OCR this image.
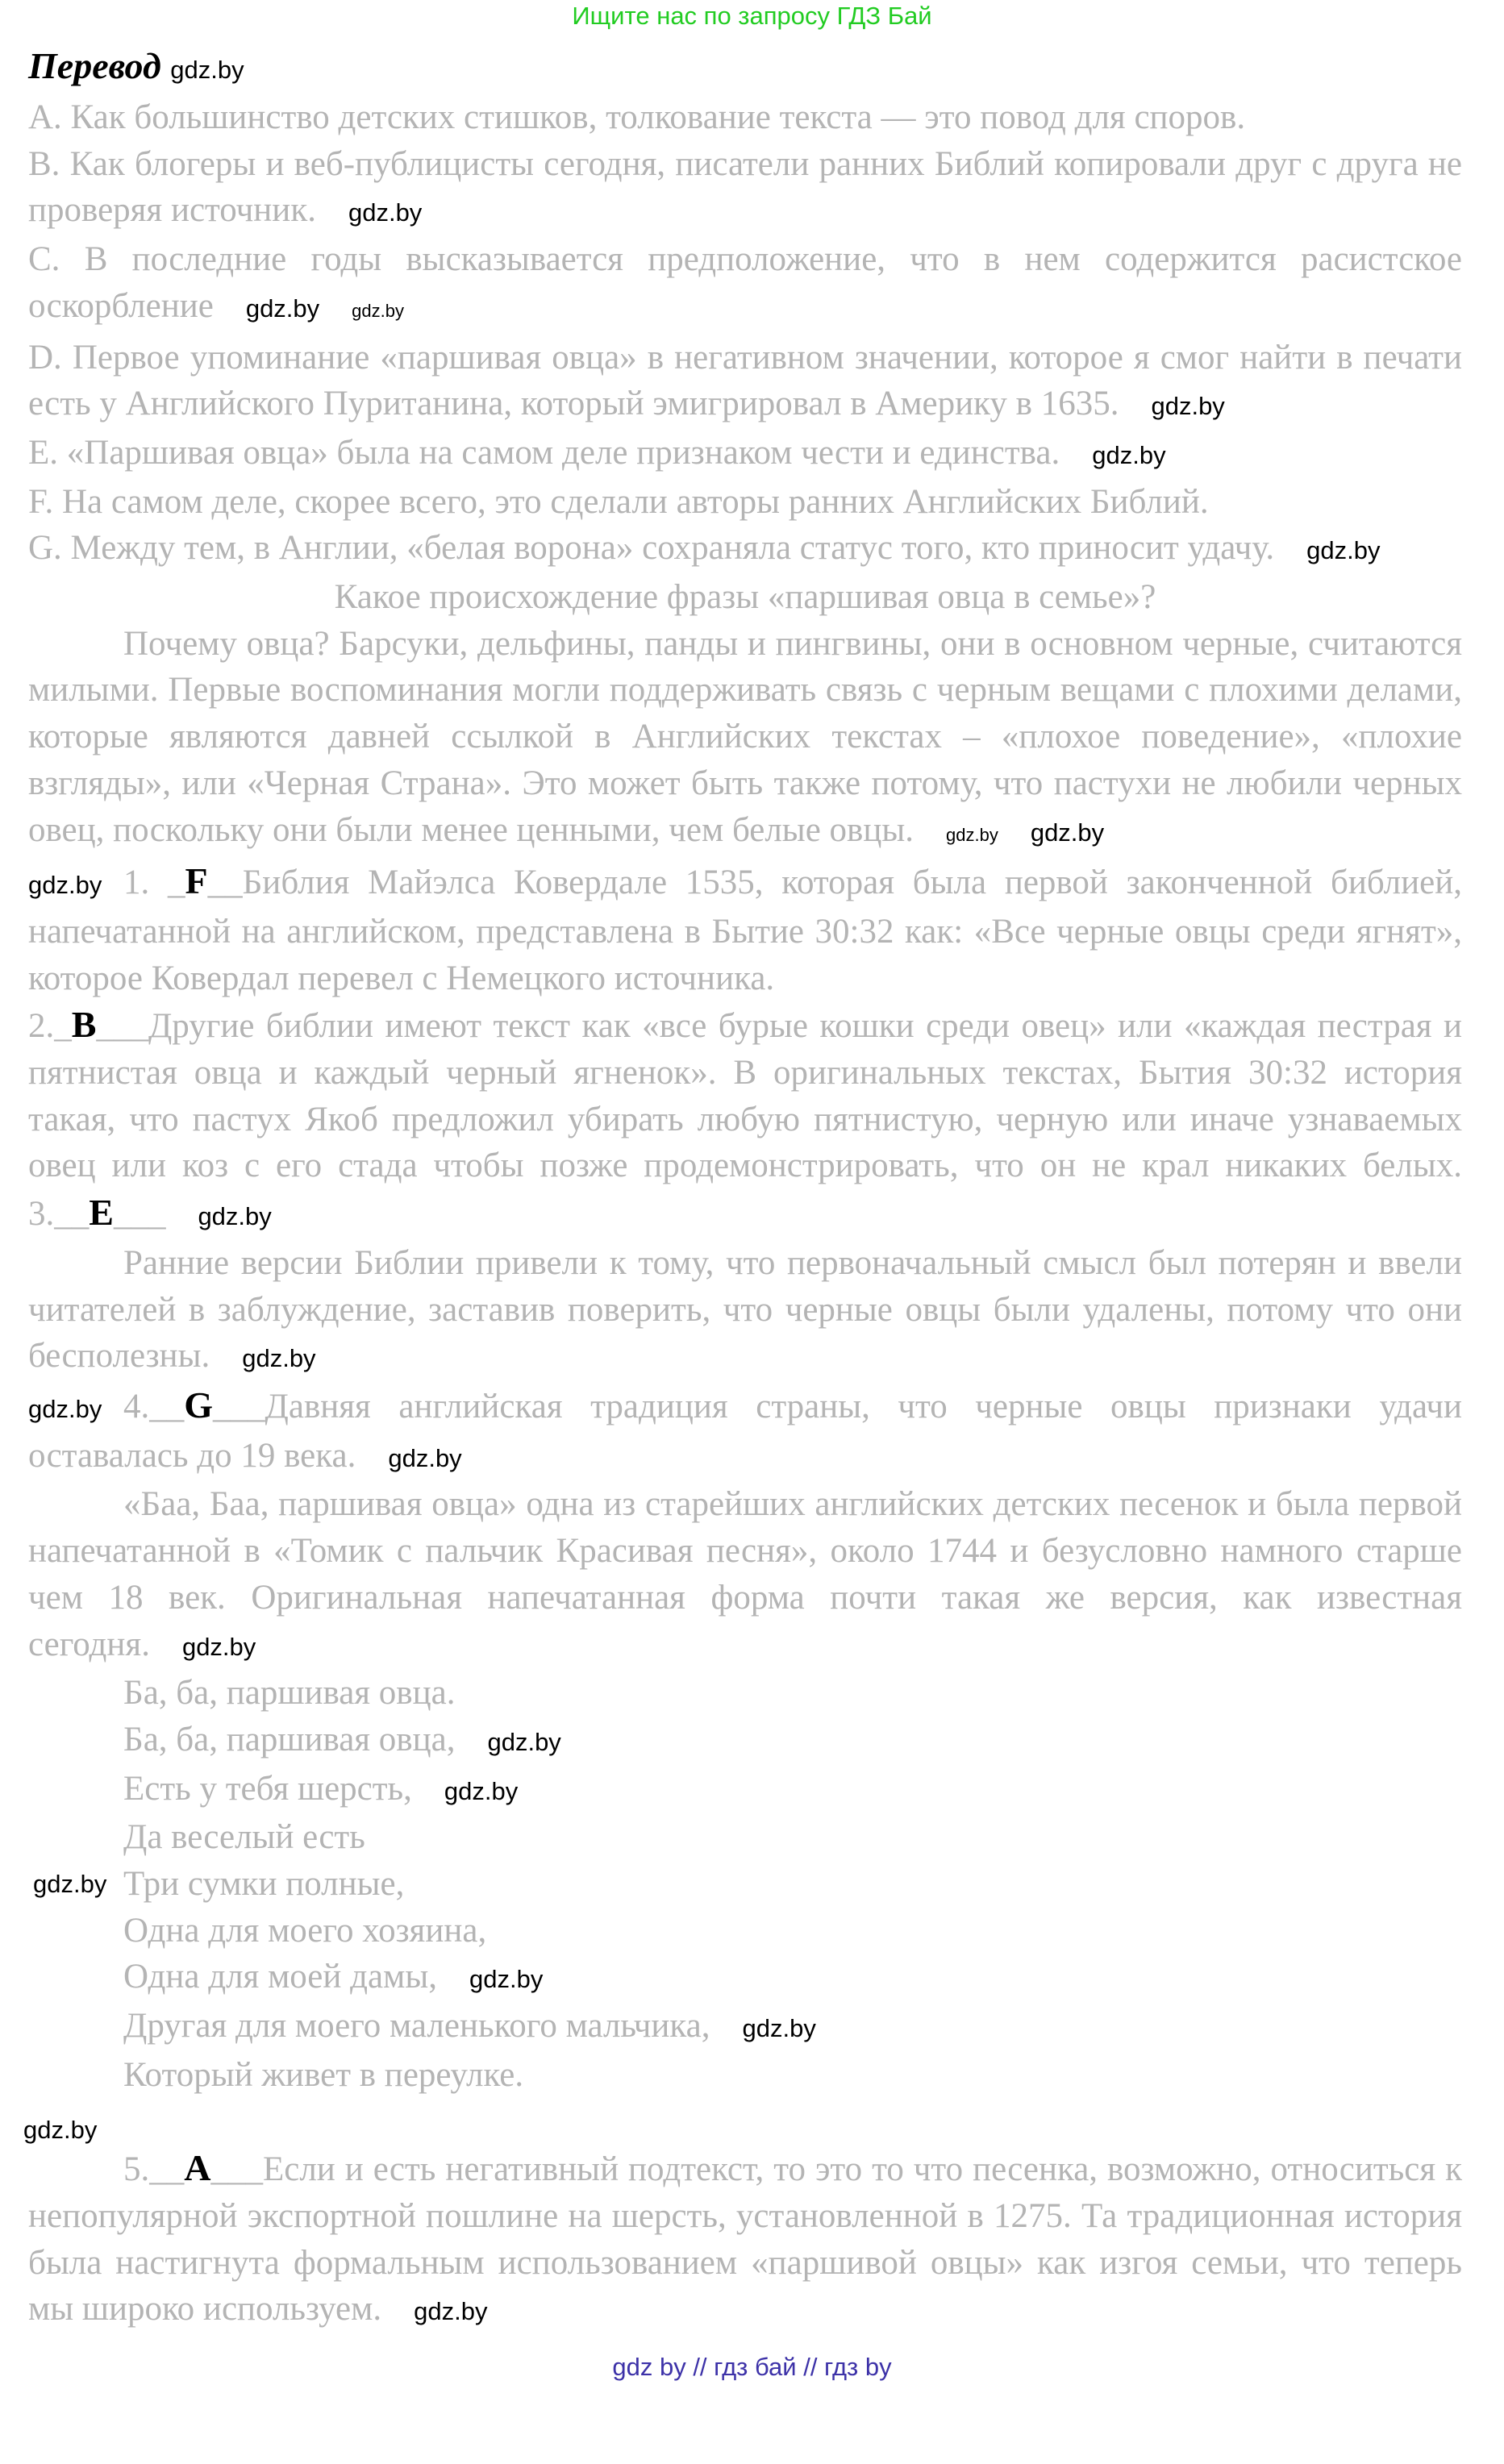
Ищите нас по запросу ГДЗ Бай
Перевод gdz.by

A. Как большинство детских стишков, толкование текста — это повод для споров.

B. Как блогеры и веб-публицисты сегодня, писатели ранних Библий копировали друг с друга не проверяя источник. gdz.by

C. В последние годы высказывается предположение, что в нем содержится расистское оскорбление gdz.by gdz.by

D. Первое упоминание «паршивая овца» в негативном значении, которое я смог найти в печати есть у Английского Пуританина, который эмигрировал в Америку в 1635. gdz.by

E. «Паршивая овца» была на самом деле признаком чести и единства. gdz.by

F. На самом деле, скорее всего, это сделали авторы ранних Английских Библий.

G. Между тем, в Англии, «белая ворона» сохраняла статус того, кто приносит удачу. gdz.by

Какое происхождение фразы «паршивая овца в семье»?

Почему овца? Барсуки, дельфины, панды и пингвины, они в основном черные, считаются милыми. Первые воспоминания могли поддерживать связь с черным вещами с плохими делами, которые являются давней ссылкой в Английских текстах – «плохое поведение», «плохие взгляды», или «Черная Страна». Это может быть также потому, что пастухи не любили черных овец, поскольку они были менее ценными, чем белые овцы. gdz.by gdz.by

gdz.by 1. _F__Библия Майэлса Ковердале 1535, которая была первой законченной библией, напечатанной на английском, представлена в Бытие 30:32 как: «Все черные овцы среди ягнят», которое Ковердал перевел с Немецкого источника.

2._B___Другие библии имеют текст как «все бурые кошки среди овец» или «каждая пестрая и пятнистая овца и каждый черный ягненок». В оригинальных текстах, Бытия 30:32 история такая, что пастух Якоб предложил убирать любую пятнистую, черную или иначе узнаваемых овец или коз с его стада чтобы позже продемонстрировать, что он не крал никаких белых. 3.__E___ gdz.by

Ранние версии Библии привели к тому, что первоначальный смысл был потерян и ввели читателей в заблуждение, заставив поверить, что черные овцы были удалены, потому что они бесполезны. gdz.by

gdz.by 4.__G___Давняя английская традиция страны, что черные овцы признаки удачи оставалась до 19 века. gdz.by

«Баа, Баа, паршивая овца» одна из старейших английских детских песенок и была первой напечатанной в «Томик с пальчик Красивая песня», около 1744 и безусловно намного старше чем 18 век. Оригинальная напечатанная форма почти такая же версия, как известная сегодня. gdz.by

Ба, ба, паршивая овца.
Ба, ба, паршивая овца, gdz.by
Есть у тебя шерсть, gdz.by
Да веселый есть
gdz.by Три сумки полные,
Одна для моего хозяина,
Одна для моей дамы, gdz.by
Другая для моего маленького мальчика, gdz.by
Который живет в переулке.
gdz.by

5.__A___Если и есть негативный подтекст, то это то что песенка, возможно, относиться к непопулярной экспортной пошлине на шерсть, установленной в 1275. Та традиционная история была настигнута формальным использованием «паршивой овцы» как изгоя семьи, что теперь мы широко используем. gdz.by

gdz by // гдз бай // гдз by
